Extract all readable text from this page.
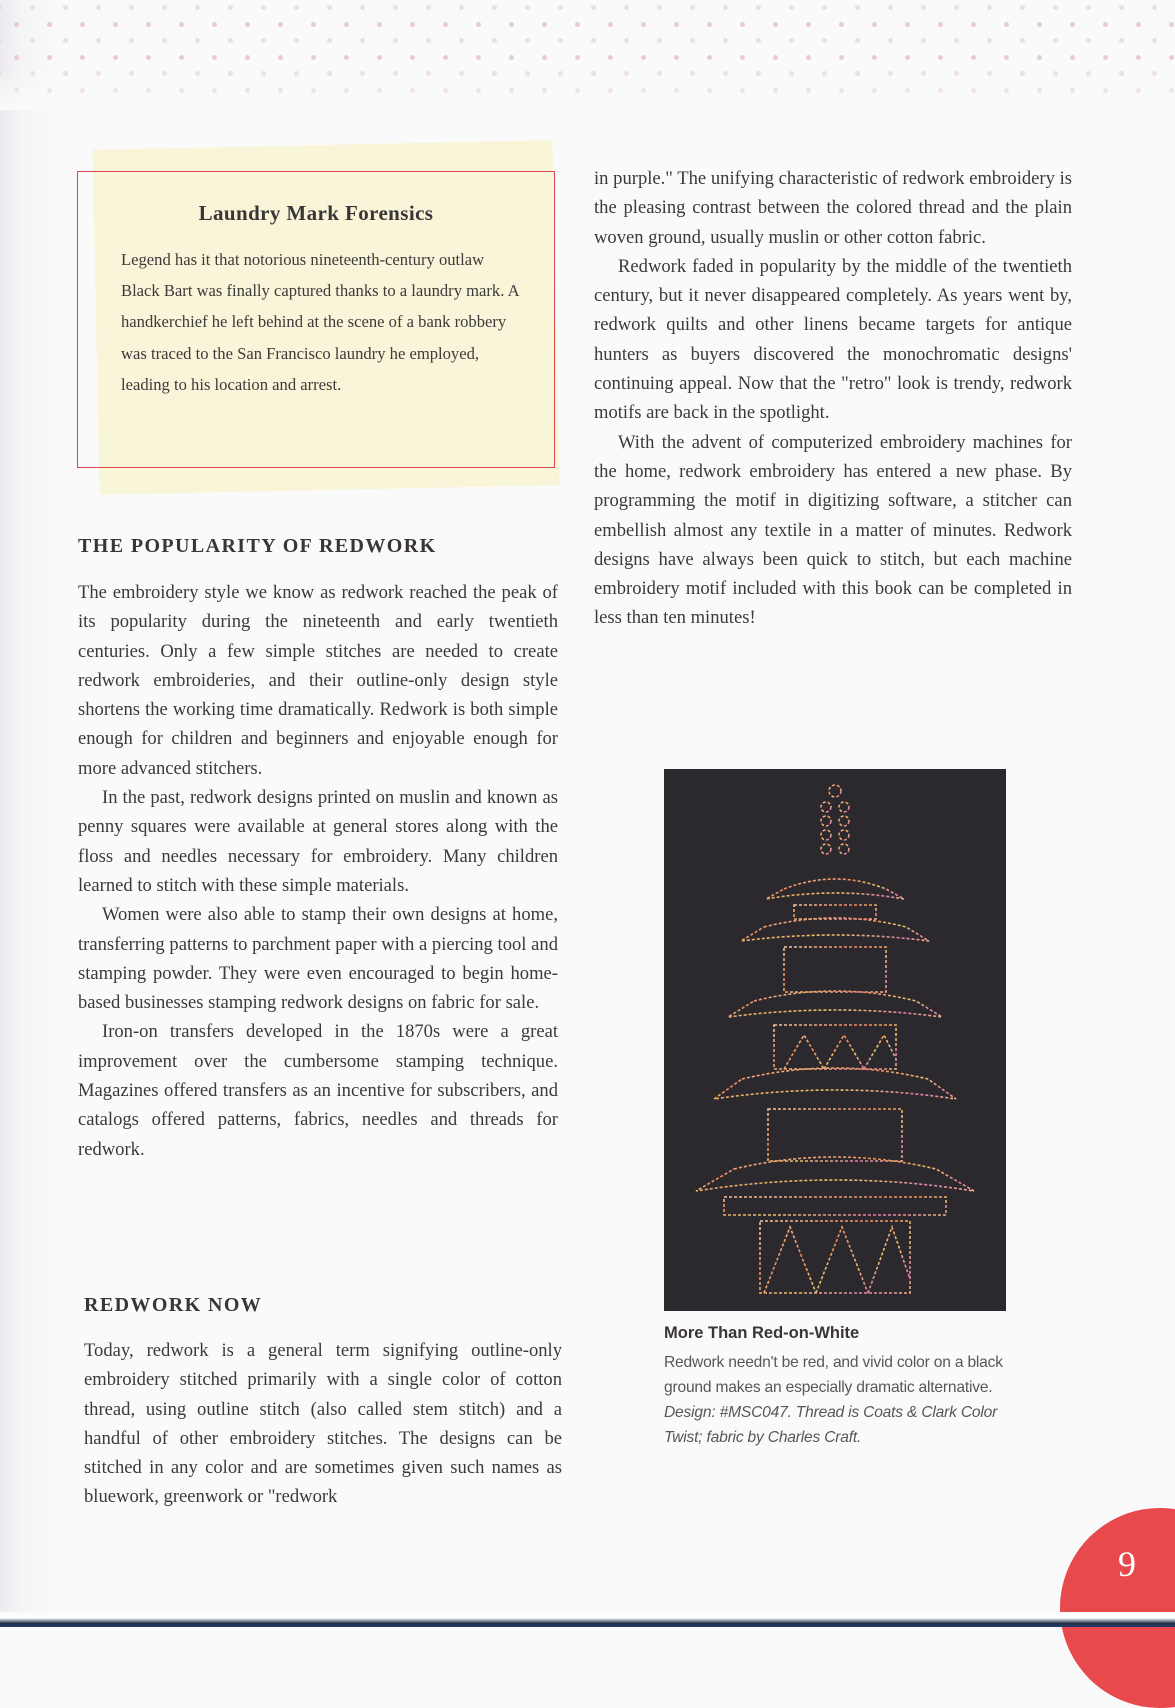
Laundry Mark Forensics
Legend has it that notorious nineteenth-century outlaw Black Bart was finally captured thanks to a laundry mark. A handkerchief he left behind at the scene of a bank robbery was traced to the San Francisco laundry he employed, leading to his location and arrest.
THE POPULARITY OF REDWORK

The embroidery style we know as redwork reached the peak of its popularity during the nineteenth and early twentieth centuries. Only a few simple stitches are needed to create redwork embroideries, and their outline-only design style shortens the working time dramatically. Redwork is both simple enough for children and beginners and enjoyable enough for more advanced stitchers.

In the past, redwork designs printed on muslin and known as penny squares were available at general stores along with the floss and needles necessary for embroidery. Many children learned to stitch with these simple materials.

Women were also able to stamp their own designs at home, transferring patterns to parchment paper with a piercing tool and stamping powder. They were even encouraged to begin home-based businesses stamping redwork designs on fabric for sale.

Iron-on transfers developed in the 1870s were a great improvement over the cumbersome stamping technique. Magazines offered transfers as an incentive for subscribers, and catalogs offered patterns, fabrics, needles and threads for redwork.

REDWORK NOW

Today, redwork is a general term signifying outline-only embroidery stitched primarily with a single color of cotton thread, using outline stitch (also called stem stitch) and a handful of other embroidery stitches. The designs can be stitched in any color and are sometimes given such names as bluework, greenwork or "redwork

in purple." The unifying characteristic of redwork embroidery is the pleasing contrast between the colored thread and the plain woven ground, usually muslin or other cotton fabric.

Redwork faded in popularity by the middle of the twentieth century, but it never disappeared completely. As years went by, redwork quilts and other linens became targets for antique hunters as buyers discovered the monochromatic designs' continuing appeal. Now that the "retro" look is trendy, redwork motifs are back in the spotlight.

With the advent of computerized embroidery machines for the home, redwork embroidery has entered a new phase. By programming the motif in digitizing software, a stitcher can embellish almost any textile in a matter of minutes. Redwork designs have always been quick to stitch, but each machine embroidery motif included with this book can be completed in less than ten minutes!

More Than Red-on-White
Redwork needn't be red, and vivid color on a black ground makes an especially dramatic alternative. Design: #MSC047. Thread is Coats & Clark Color Twist; fabric by Charles Craft.
9
